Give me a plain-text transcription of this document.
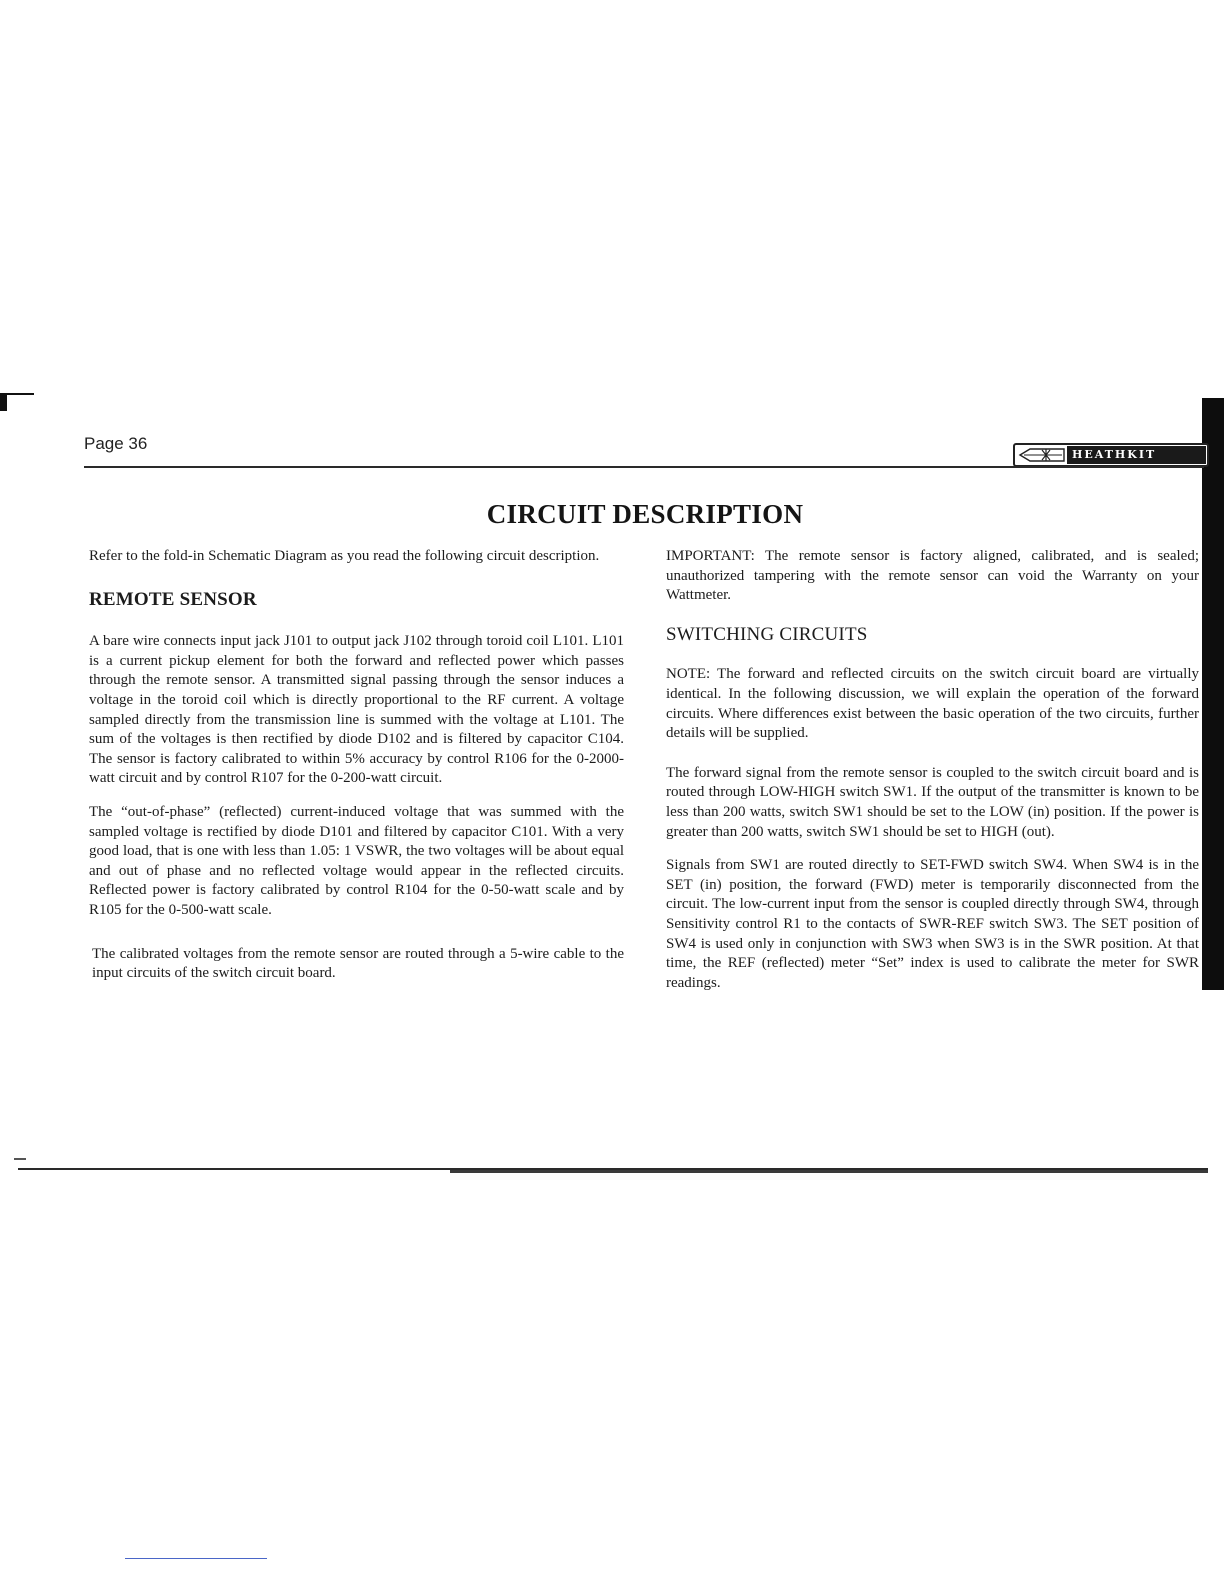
Page 36
HEATHKIT
CIRCUIT DESCRIPTION

Refer to the fold-in Schematic Diagram as you read the following circuit description.

REMOTE SENSOR

A bare wire connects input jack J101 to output jack J102 through toroid coil L101. L101 is a current pickup element for both the forward and reflected power which passes through the remote sensor. A transmitted signal passing through the sensor induces a voltage in the toroid coil which is directly proportional to the RF current. A voltage sampled directly from the transmission line is summed with the voltage at L101. The sum of the voltages is then rectified by diode D102 and is filtered by capacitor C104. The sensor is factory calibrated to within 5% accuracy by control R106 for the 0-2000-watt circuit and by control R107 for the 0-200-watt circuit.

The “out-of-phase” (reflected) current-induced voltage that was summed with the sampled voltage is rectified by diode D101 and filtered by capacitor C101. With a very good load, that is one with less than 1.05: 1 VSWR, the two voltages will be about equal and out of phase and no reflected voltage would appear in the reflected circuits. Reflected power is factory calibrated by control R104 for the 0-50-watt scale and by R105 for the 0-500-watt scale.

The calibrated voltages from the remote sensor are routed through a 5-wire cable to the input circuits of the switch circuit board.

IMPORTANT: The remote sensor is factory aligned, calibrated, and is sealed; unauthorized tampering with the remote sensor can void the Warranty on your Wattmeter.

SWITCHING CIRCUITS

NOTE: The forward and reflected circuits on the switch circuit board are virtually identical. In the following discussion, we will explain the operation of the forward circuits. Where differences exist between the basic operation of the two circuits, further details will be supplied.

The forward signal from the remote sensor is coupled to the switch circuit board and is routed through LOW-HIGH switch SW1. If the output of the transmitter is known to be less than 200 watts, switch SW1 should be set to the LOW (in) position. If the power is greater than 200 watts, switch SW1 should be set to HIGH (out).

Signals from SW1 are routed directly to SET-FWD switch SW4. When SW4 is in the SET (in) position, the forward (FWD) meter is temporarily disconnected from the circuit. The low-current input from the sensor is coupled directly through SW4, through Sensitivity control R1 to the contacts of SWR-REF switch SW3. The SET position of SW4 is used only in conjunction with SW3 when SW3 is in the SWR position. At that time, the REF (reflected) meter “Set” index is used to calibrate the meter for SWR readings.
